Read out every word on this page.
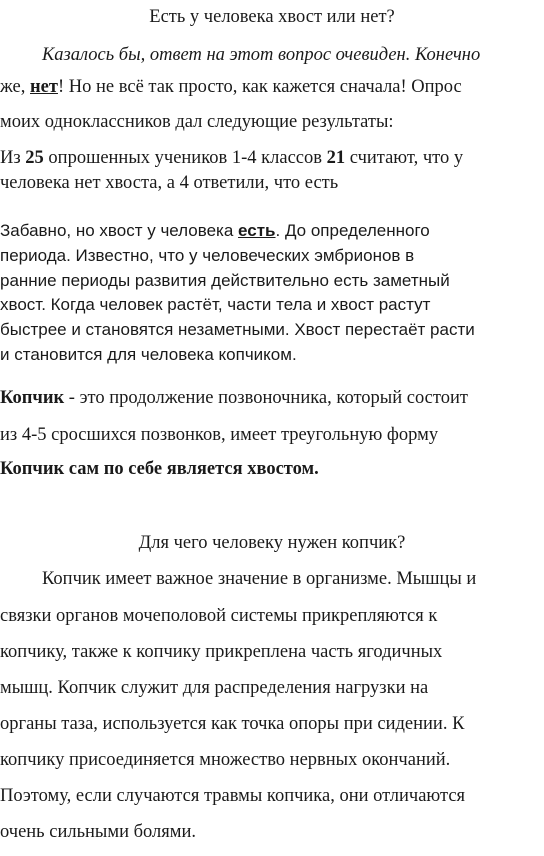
Есть у человека хвост или нет?

Казалось бы, ответ на этот вопрос очевиден. Конечно

же, нет! Но не всё так просто, как кажется сначала! Опрос

моих одноклассников дал следующие результаты:

Из 25 опрошенных учеников 1-4 классов 21 считают, что у

человека нет хвоста, а 4 ответили, что есть

Забавно, но хвост у человека есть. До определенного

периода. Известно, что у человеческих эмбрионов в

ранние периоды развития действительно есть заметный

хвост. Когда человек растёт, части тела и хвост растут

быстрее и становятся незаметными. Хвост перестаёт расти

и становится для человека копчиком.

Копчик - это продолжение позвоночника, который состоит

из 4-5 сросшихся позвонков, имеет треугольную форму

Копчик сам по себе является хвостом.

Для чего человеку нужен копчик?

Копчик имеет важное значение в организме. Мышцы и

связки органов мочеполовой системы прикрепляются к

копчику, также к копчику прикреплена часть ягодичных

мышц. Копчик служит для распределения нагрузки на

органы таза, используется как точка опоры при сидении. К

копчику присоединяется множество нервных окончаний.

Поэтому, если случаются травмы копчика, они отличаются

очень сильными болями.
